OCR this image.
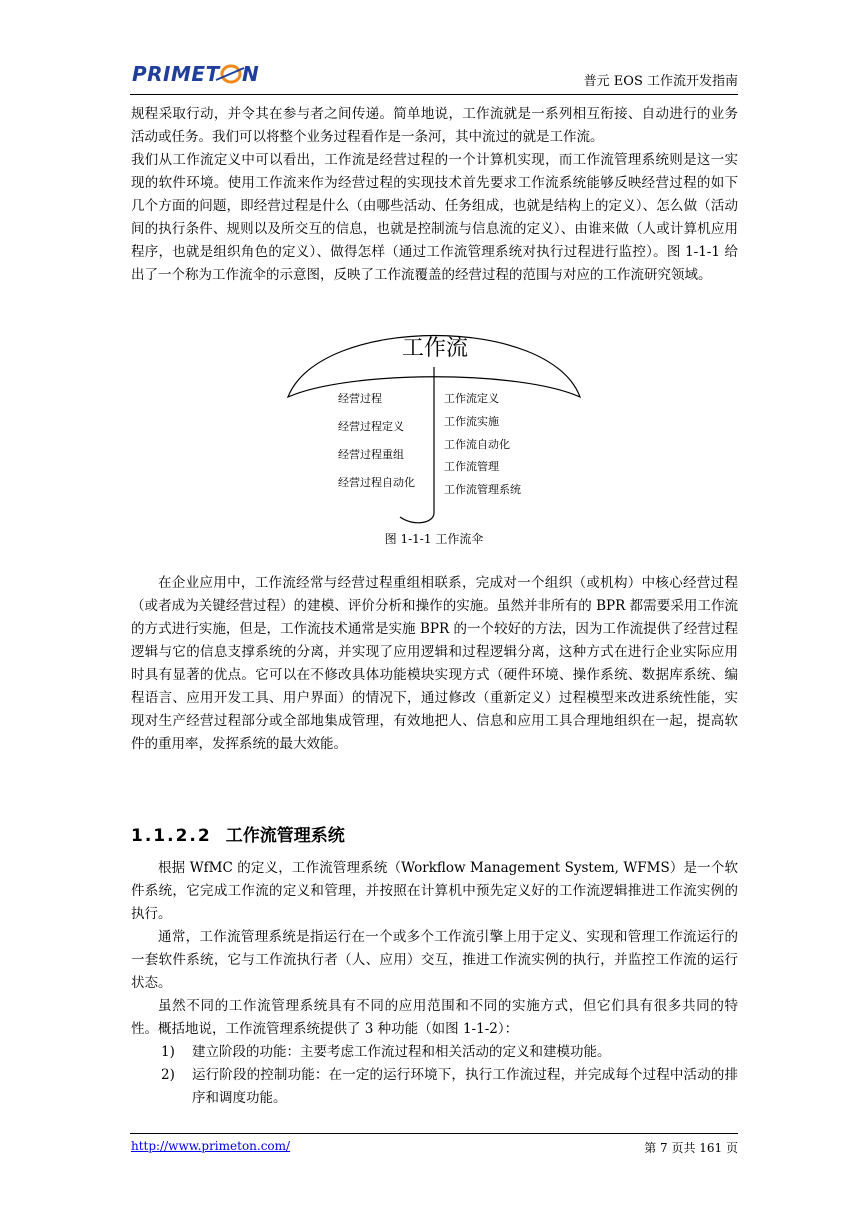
PRIMET N	普元 EOS 工作流开发指南

规程采取行动，并令其在参与者之间传递。简单地说，工作流就是一系列相互衔接、自动进行的业务活动或任务。我们可以将整个业务过程看作是一条河，其中流过的就是工作流。

我们从工作流定义中可以看出，工作流是经营过程的一个计算机实现，而工作流管理系统则是这一实现的软件环境。使用工作流来作为经营过程的实现技术首先要求工作流系统能够反映经营过程的如下几个方面的问题，即经营过程是什么（由哪些活动、任务组成，也就是结构上的定义）、怎么做（活动间的执行条件、规则以及所交互的信息，也就是控制流与信息流的定义）、由谁来做（人或计算机应用程序，也就是组织角色的定义）、做得怎样（通过工作流管理系统对执行过程进行监控）。图 1-1-1 给出了一个称为工作流伞的示意图，反映了工作流覆盖的经营过程的范围与对应的工作流研究领域。

工作流
经营过程
经营过程定义
经营过程重组
经营过程自动化
工作流定义
工作流实施
工作流自动化
工作流管理
工作流管理系统
图 1-1-1 工作流伞

在企业应用中，工作流经常与经营过程重组相联系，完成对一个组织（或机构）中核心经营过程（或者成为关键经营过程）的建模、评价分析和操作的实施。虽然并非所有的 BPR 都需要采用工作流的方式进行实施，但是，工作流技术通常是实施 BPR 的一个较好的方法，因为工作流提供了经营过程逻辑与它的信息支撑系统的分离，并实现了应用逻辑和过程逻辑分离，这种方式在进行企业实际应用时具有显著的优点。它可以在不修改具体功能模块实现方式（硬件环境、操作系统、数据库系统、编程语言、应用开发工具、用户界面）的情况下，通过修改（重新定义）过程模型来改进系统性能，实现对生产经营过程部分或全部地集成管理，有效地把人、信息和应用工具合理地组织在一起，提高软件的重用率，发挥系统的最大效能。

1.1.2.2 工作流管理系统

根据 WfMC 的定义，工作流管理系统（Workflow Management System, WFMS）是一个软件系统，它完成工作流的定义和管理，并按照在计算机中预先定义好的工作流逻辑推进工作流实例的执行。

通常，工作流管理系统是指运行在一个或多个工作流引擎上用于定义、实现和管理工作流运行的一套软件系统，它与工作流执行者（人、应用）交互，推进工作流实例的执行，并监控工作流的运行状态。

虽然不同的工作流管理系统具有不同的应用范围和不同的实施方式，但它们具有很多共同的特性。概括地说，工作流管理系统提供了 3 种功能（如图 1-1-2）：

1) 建立阶段的功能：主要考虑工作流过程和相关活动的定义和建模功能。
2) 运行阶段的控制功能：在一定的运行环境下，执行工作流过程，并完成每个过程中活动的排序和调度功能。
http://www.primeton.com/	第 7 页共 161 页
